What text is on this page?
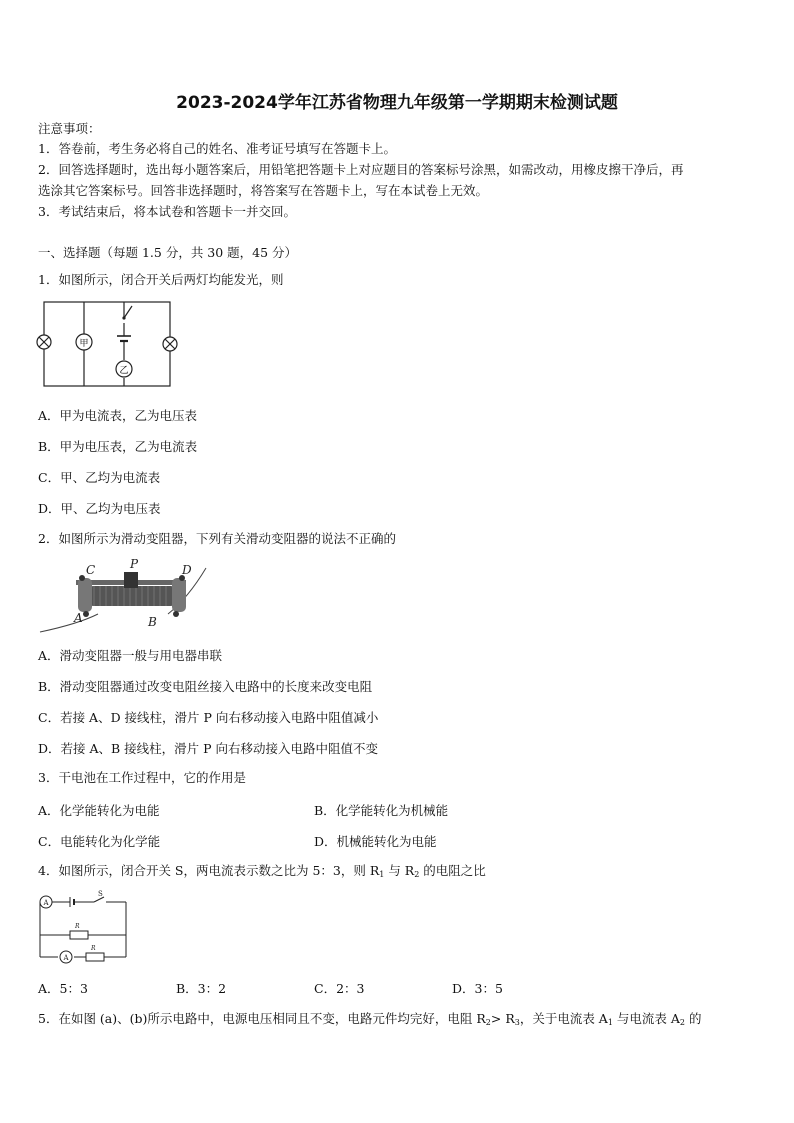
2023-2024学年江苏省物理九年级第一学期期末检测试题
注意事项：
1．答卷前，考生务必将自己的姓名、准考证号填写在答题卡上。
2．回答选择题时，选出每小题答案后，用铅笔把答题卡上对应题目的答案标号涂黑，如需改动，用橡皮擦干净后，再
选涂其它答案标号。回答非选择题时，将答案写在答题卡上，写在本试卷上无效。
3．考试结束后，将本试卷和答题卡一并交回。
一、选择题（每题 1.5 分，共 30 题，45 分）
1．如图所示，闭合开关后两灯均能发光，则
甲
乙
A．甲为电流表，乙为电压表
B．甲为电压表，乙为电流表
C．甲、乙均为电流表
D．甲、乙均为电压表
2．如图所示为滑动变阻器，下列有关滑动变阻器的说法不正确的
C	P	D
A	B
A．滑动变阻器一般与用电器串联
B．滑动变阻器通过改变电阻丝接入电路中的长度来改变电阻
C．若接 A、D 接线柱，滑片 P 向右移动接入电路中阻值减小
D．若接 A、B 接线柱，滑片 P 向右移动接入电路中阻值不变
3．干电池在工作过程中，它的作用是
A．化学能转化为电能	B．化学能转化为机械能
C．电能转化为化学能	D．机械能转化为电能
4．如图所示，闭合开关 S，两电流表示数之比为 5：3，则 $R_1$ 与 $R_2$ 的电阻之比
A
A
S
R
R
A．5：3	B．3：2	C．2：3	D．3：5
5．在如图 (a)、(b)所示电路中，电源电压相同且不变，电路元件均完好，电阻 $R_2> R_3$，关于电流表 $A_1$ 与电流表 $A_2$ 的
